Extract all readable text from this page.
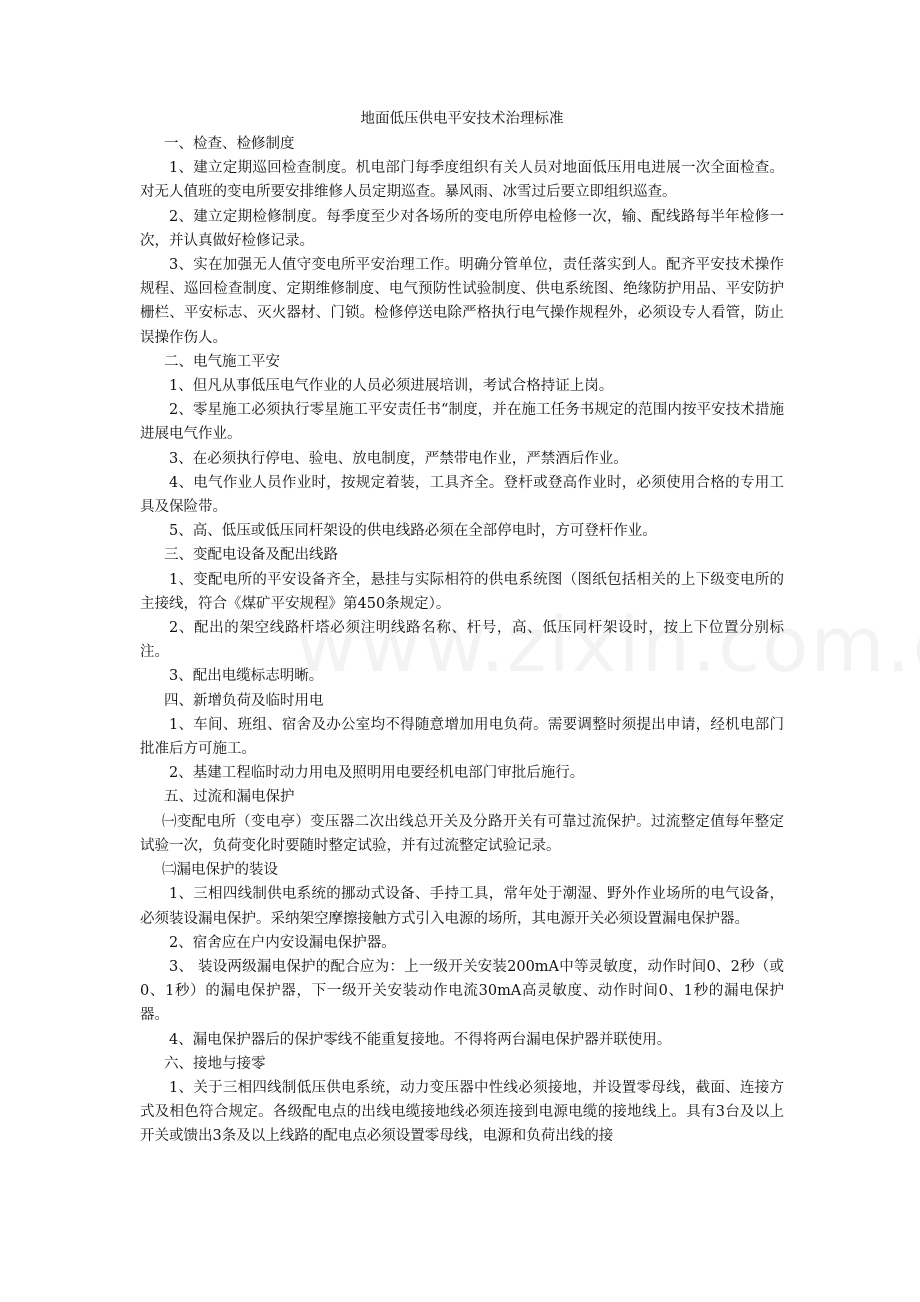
地面低压供电平安技术治理标准

一、检查、检修制度

1、建立定期巡回检查制度。机电部门每季度组织有关人员对地面低压用电进展一次全面检查。对无人值班的变电所要安排维修人员定期巡查。暴风雨、冰雪过后要立即组织巡查。

2、建立定期检修制度。每季度至少对各场所的变电所停电检修一次，输、配线路每半年检修一次，并认真做好检修记录。

3、实在加强无人值守变电所平安治理工作。明确分管单位，责任落实到人。配齐平安技术操作规程、巡回检查制度、定期维修制度、电气预防性试验制度、供电系统图、绝缘防护用品、平安防护栅栏、平安标志、灭火器材、门锁。检修停送电除严格执行电气操作规程外，必须设专人看管，防止误操作伤人。

二、电气施工平安

1、但凡从事低压电气作业的人员必须进展培训，考试合格持证上岗。

2、零星施工必须执行零星施工平安责任书“制度，并在施工任务书规定的范围内按平安技术措施进展电气作业。

3、在必须执行停电、验电、放电制度，严禁带电作业，严禁酒后作业。

4、电气作业人员作业时，按规定着装，工具齐全。登杆或登高作业时，必须使用合格的专用工具及保险带。

5、高、低压或低压同杆架设的供电线路必须在全部停电时，方可登杆作业。

三、变配电设备及配出线路

1、变配电所的平安设备齐全，悬挂与实际相符的供电系统图（图纸包括相关的上下级变电所的主接线，符合《煤矿平安规程》第450条规定）。

2、配出的架空线路杆塔必须注明线路名称、杆号，高、低压同杆架设时，按上下位置分别标注。

3、配出电缆标志明晰。

四、新增负荷及临时用电

1、车间、班组、宿舍及办公室均不得随意增加用电负荷。需要调整时须提出申请，经机电部门批准后方可施工。

2、基建工程临时动力用电及照明用电要经机电部门审批后施行。

五、过流和漏电保护

㈠变配电所（变电亭）变压器二次出线总开关及分路开关有可靠过流保护。过流整定值每年整定试验一次，负荷变化时要随时整定试验，并有过流整定试验记录。

㈡漏电保护的装设

1、三相四线制供电系统的挪动式设备、手持工具，常年处于潮湿、野外作业场所的电气设备，必须装设漏电保护。采纳架空摩擦接触方式引入电源的场所，其电源开关必须设置漏电保护器。

2、宿舍应在户内安设漏电保护器。

3、 装设两级漏电保护的配合应为：上一级开关安装200mA中等灵敏度，动作时间0、2秒（或0、1秒）的漏电保护器，下一级开关安装动作电流30mA高灵敏度、动作时间0、1秒的漏电保护器。

4、漏电保护器后的保护零线不能重复接地。不得将两台漏电保护器并联使用。

六、接地与接零

1、关于三相四线制低压供电系统，动力变压器中性线必须接地，并设置零母线，截面、连接方式及相色符合规定。各级配电点的出线电缆接地线必须连接到电源电缆的接地线上。具有3台及以上开关或馈出3条及以上线路的配电点必须设置零母线，电源和负荷出线的接
